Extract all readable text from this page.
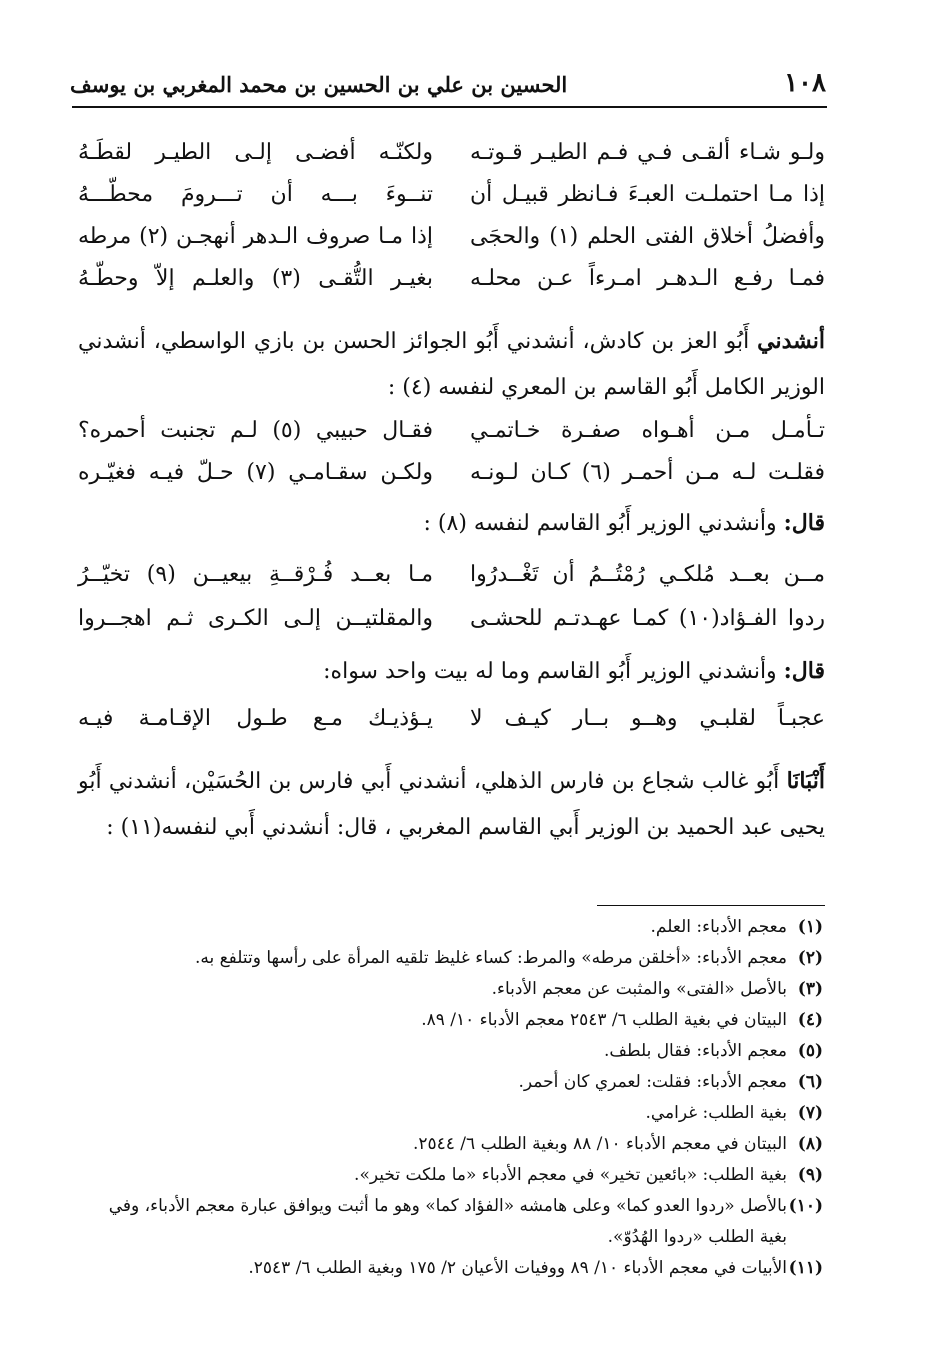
١٠٨
الحسين بن علي بن الحسين بن محمد المغربي بن يوسف
ولـو شـاء ألقـى فـي فـم الطيـر قـوتـه
ولكنّـه أفضـى إلـى الطيـر لقطَـهُ
إذا مـا احتملـت العبـءَ فـانظر قبيـل أن
تنــوءَ بـــه أن تـــرومَ محطّـــهُ
وأفضلُ أخلاق الفتى الحلم (١) والحجَى
إذا مـا صروف الـدهر أنهجـن (٢) مرطه
فمـا رفـع الـدهـر امـرءاً عـن محلـه
بغيـر التُّقـى (٣) والعلـم إلاّ وحطّـهُ
أنشدني أَبُو العز بن كادش، أنشدني أَبُو الجوائز الحسن بن بازي الواسطي، أنشدني الوزير الكامل أَبُو القاسم بن المعري لنفسه (٤) :
تـأمـل مـن أهـواه صفـرة خـاتمـي
فقـال حبيبي (٥) لـم تجنبت أحمره؟
فقلـت لـه مـن أحمـر (٦) كـان لـونـه
ولكـن سقـامـي (٧) حـلّ فيـه فغيّـره
قال: وأنشدني الوزير أَبُو القاسم لنفسه (٨) :
مــن بعــد مُلكـي رُمْتُــمُ أن تَغْــدرُوا
مـا بعــد فُـرْقــةِ بيعيــن (٩) تخيّــرُ
ردوا الفـؤاد(١٠) كمـا عهـدتـم للحشـى
والمقلتيــن إلـى الكـرى ثـم اهجــروا
قال: وأنشدني الوزير أَبُو القاسم وما له بيت واحد سواه:
عجبـاً لقلبـي وهــو بــار كيـف لا
يـؤذيـك مـع طـول الإقـامـة فيـه
أَنْبَانَا أَبُو غالب شجاع بن فارس الذهلي، أنشدني أَبي فارس بن الحُسَيْن، أنشدني أَبُو يحيى عبد الحميد بن الوزير أَبي القاسم المغربي ، قال: أنشدني أَبي لنفسه(١١) :
(١)
معجم الأدباء: العلم.
(٢)
معجم الأدباء: «أخلقن مرطه» والمرط: كساء غليظ تلقيه المرأة على رأسها وتتلفع به.
(٣)
بالأصل «الفتى» والمثبت عن معجم الأدباء.
(٤)
البيتان في بغية الطلب ٦/ ٢٥٤٣ معجم الأدباء ١٠/ ٨٩.
(٥)
معجم الأدباء: فقال بلطف.
(٦)
معجم الأدباء: فقلت: لعمري كان أحمر.
(٧)
بغية الطلب: غرامي.
(٨)
البيتان في معجم الأدباء ١٠/ ٨٨ وبغية الطلب ٦/ ٢٥٤٤.
(٩)
بغية الطلب: «بائعين تخير» في معجم الأدباء «ما ملكت تخير».
(١٠)
بالأصل «ردوا العدو كما» وعلى هامشه «الفؤاد كما» وهو ما أثبت ويوافق عبارة معجم الأدباء، وفي بغية الطلب «ردوا الهُدُوّ».
(١١)
الأبيات في معجم الأدباء ١٠/ ٨٩ ووفيات الأعيان ٢/ ١٧٥ وبغية الطلب ٦/ ٢٥٤٣.
